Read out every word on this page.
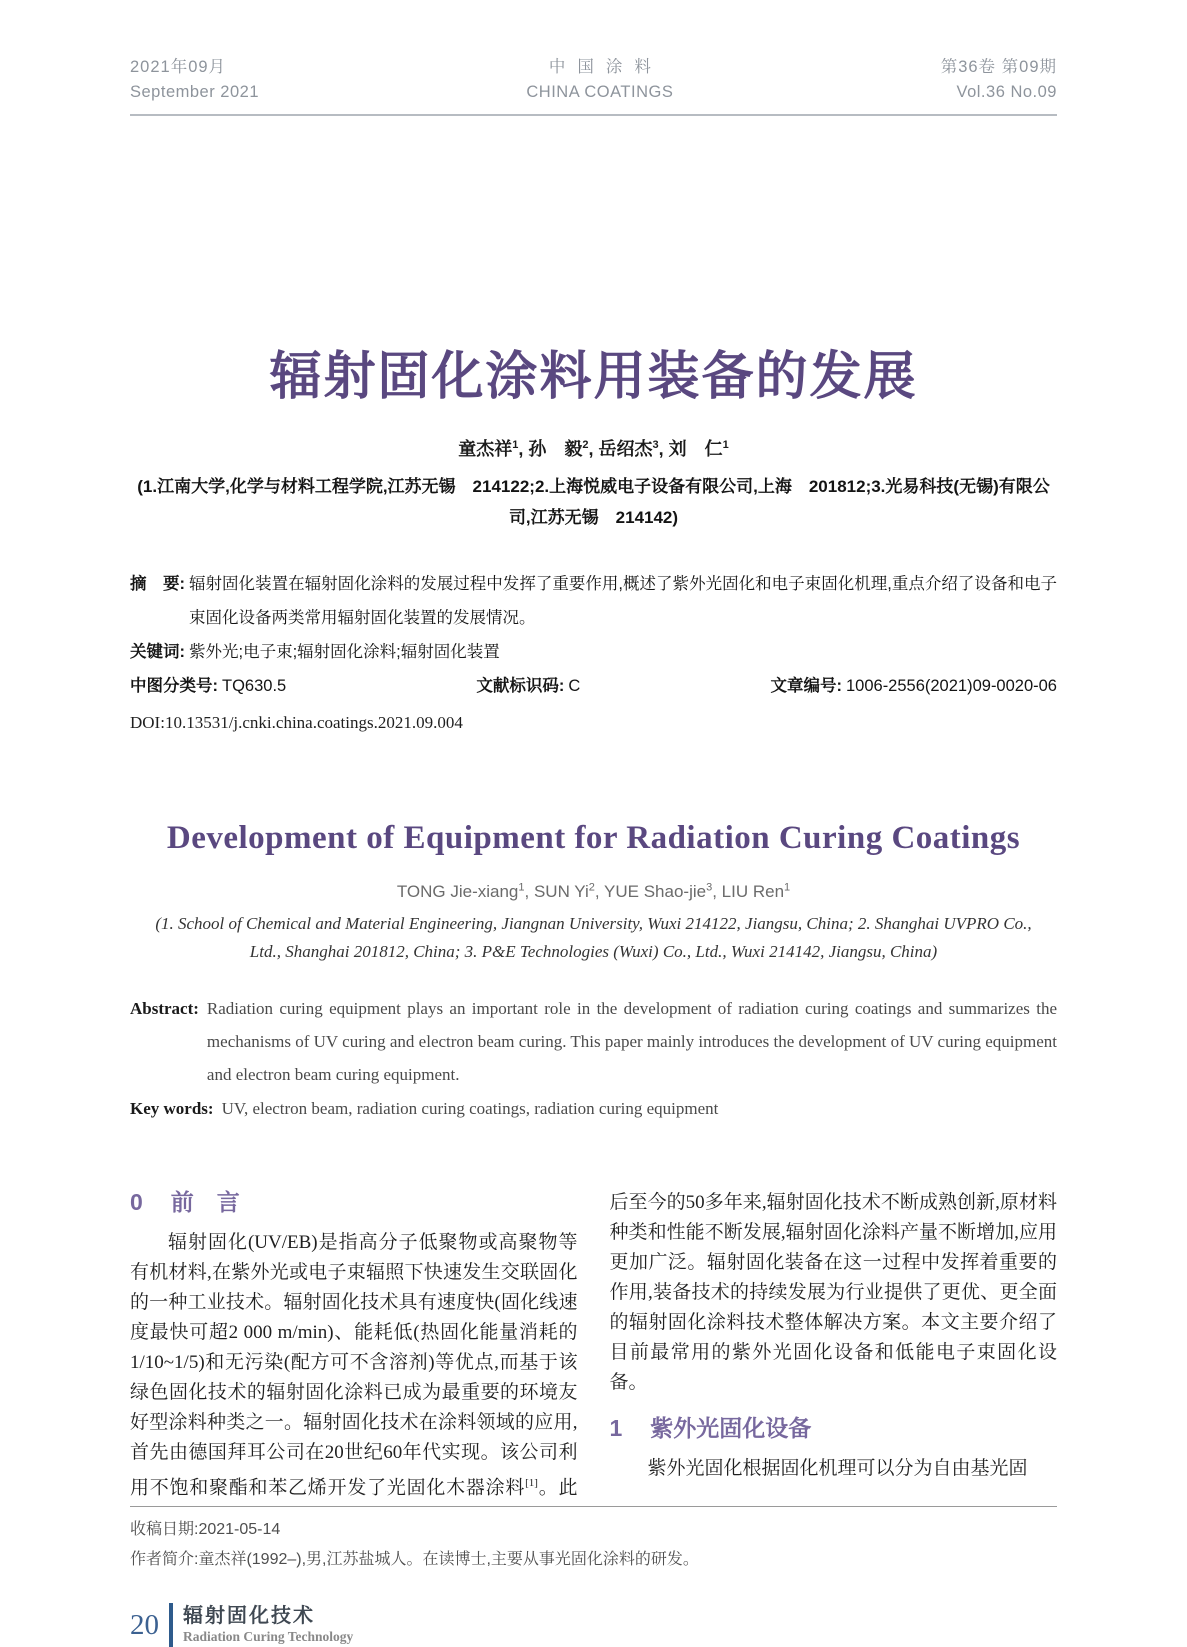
2021年09月
September 2021
中国涂料
CHINA COATINGS
第36卷 第09期
Vol.36 No.09
辐射固化涂料用装备的发展
童杰祥$^1$, 孙　毅$^2$, 岳绍杰$^3$, 刘　仁$^1$
(1.江南大学,化学与材料工程学院,江苏无锡　214122;2.上海悦威电子设备有限公司,上海　201812;3.光易科技(无锡)有限公
司,江苏无锡　214142)
摘　要: 辐射固化装置在辐射固化涂料的发展过程中发挥了重要作用,概述了紫外光固化和电子束固化机理,重点介绍了设备和电子束固化设备两类常用辐射固化装置的发展情况。
关键词: 紫外光;电子束;辐射固化涂料;辐射固化装置
中图分类号: TQ630.5	文献标识码: C	文章编号: 1006-2556(2021)09-0020-06
DOI:10.13531/j.cnki.china.coatings.2021.09.004
Development of Equipment for Radiation Curing Coatings
TONG Jie-xiang$^1$, SUN Yi$^2$, YUE Shao-jie$^3$, LIU Ren$^1$
(1. School of Chemical and Material Engineering, Jiangnan University, Wuxi 214122, Jiangsu, China; 2. Shanghai UVPRO Co.,
Ltd., Shanghai 201812, China; 3. P&E Technologies (Wuxi) Co., Ltd., Wuxi 214142, Jiangsu, China)
Abstract: Radiation curing equipment plays an important role in the development of radiation curing coatings and summarizes the mechanisms of UV curing and electron beam curing. This paper mainly introduces the development of UV curing equipment and electron beam curing equipment.
Key words: UV, electron beam, radiation curing coatings, radiation curing equipment
0 前　言

辐射固化(UV/EB)是指高分子低聚物或高聚物等有机材料,在紫外光或电子束辐照下快速发生交联固化的一种工业技术。辐射固化技术具有速度快(固化线速度最快可超2 000 m/min)、能耗低(热固化能量消耗的1/10~1/5)和无污染(配方可不含溶剂)等优点,而基于该绿色固化技术的辐射固化涂料已成为最重要的环境友好型涂料种类之一。辐射固化技术在涂料领域的应用,首先由德国拜耳公司在20世纪60年代实现。该公司利用不饱和聚酯和苯乙烯开发了光固化木器涂料[1]。此后至今的50多年来,辐射固化技术不断成熟创新,原材料种类和性能不断发展,辐射固化涂料产量不断增加,应用更加广泛。辐射固化装备在这一过程中发挥着重要的作用,装备技术的持续发展为行业提供了更优、更全面的辐射固化涂料技术整体解决方案。本文主要介绍了目前最常用的紫外光固化设备和低能电子束固化设备。

1 紫外光固化设备

紫外光固化根据固化机理可以分为自由基光固

收稿日期:2021-05-14
作者简介:童杰祥(1992–),男,江苏盐城人。在读博士,主要从事光固化涂料的研发。
20 辐射固化技术
Radiation Curing Technology
